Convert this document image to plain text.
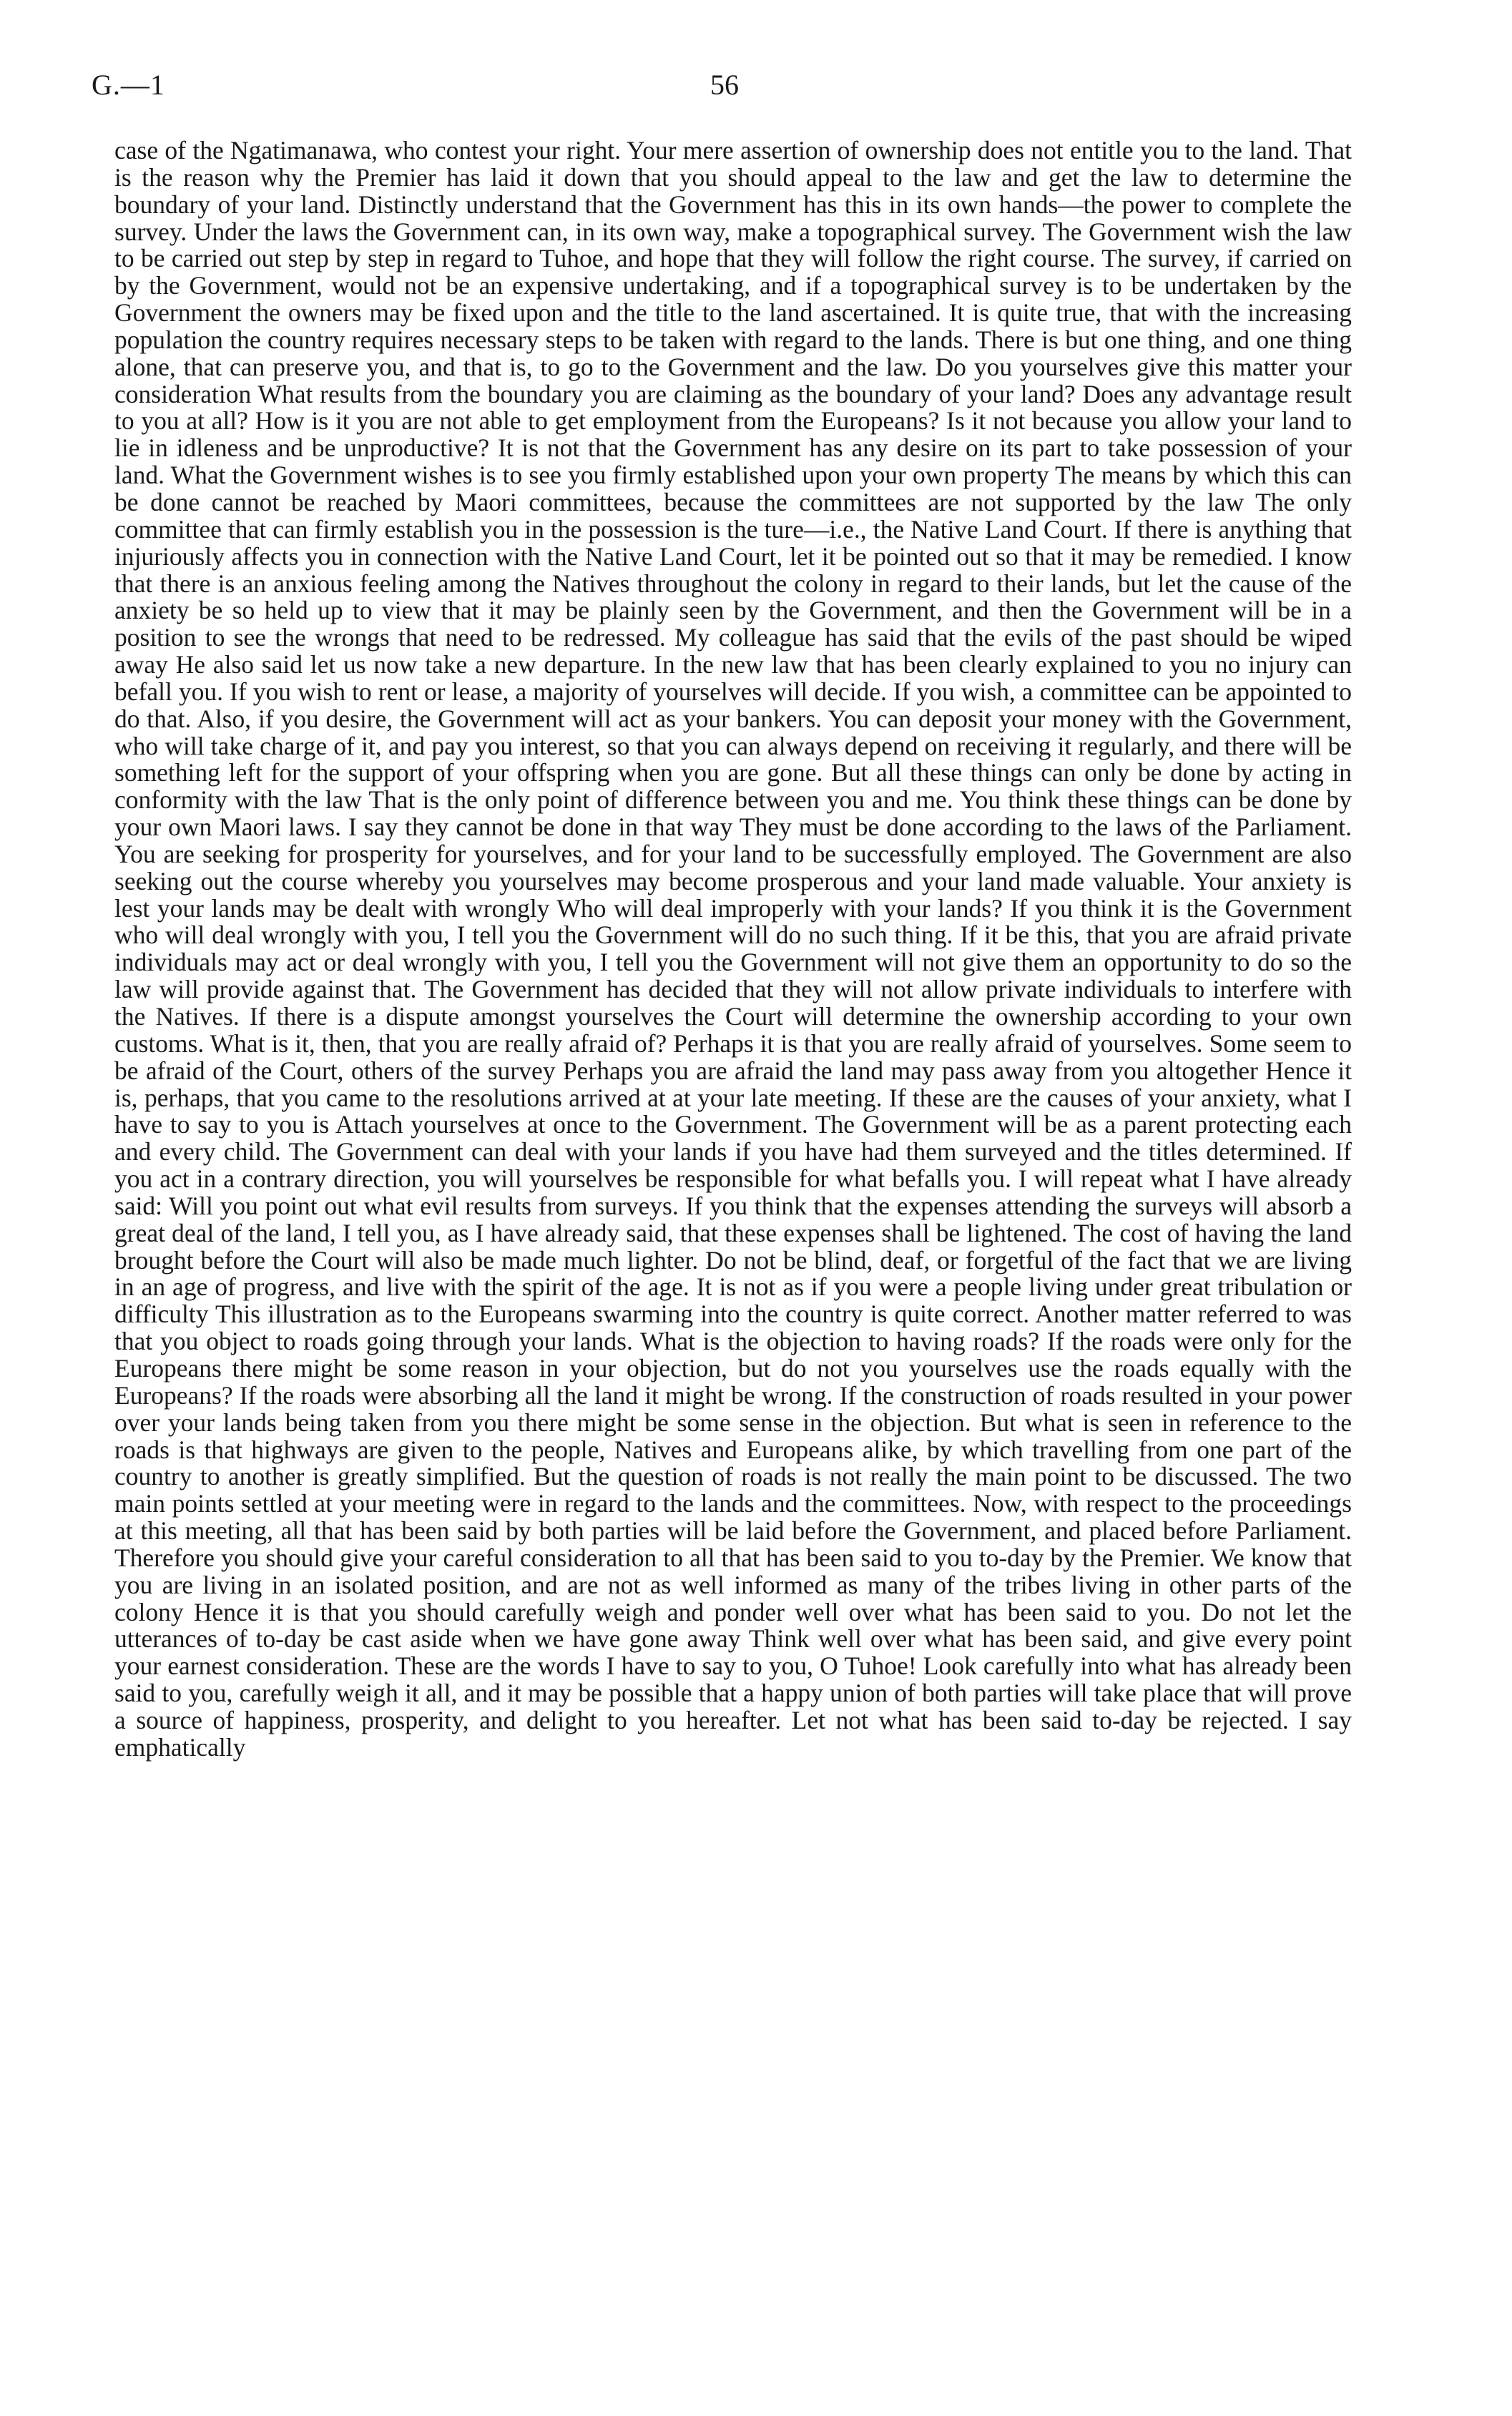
G.—1	56

case of the Ngatimanawa, who contest your right. Your mere assertion of ownership does not entitle you to the land. That is the reason why the Premier has laid it down that you should appeal to the law and get the law to determine the boundary of your land. Distinctly understand that the Government has this in its own hands—the power to complete the survey. Under the laws the Government can, in its own way, make a topographical survey. The Government wish the law to be carried out step by step in regard to Tuhoe, and hope that they will follow the right course. The survey, if carried on by the Government, would not be an expensive undertaking, and if a topographical survey is to be undertaken by the Government the owners may be fixed upon and the title to the land ascertained. It is quite true, that with the increasing population the country requires necessary steps to be taken with regard to the lands. There is but one thing, and one thing alone, that can preserve you, and that is, to go to the Government and the law. Do you yourselves give this matter your consideration What results from the boundary you are claiming as the boundary of your land? Does any advantage result to you at all? How is it you are not able to get employment from the Europeans? Is it not because you allow your land to lie in idleness and be unproductive? It is not that the Government has any desire on its part to take possession of your land. What the Government wishes is to see you firmly established upon your own property The means by which this can be done cannot be reached by Maori committees, because the committees are not supported by the law The only committee that can firmly establish you in the possession is the ture—i.e., the Native Land Court. If there is anything that injuriously affects you in connection with the Native Land Court, let it be pointed out so that it may be remedied. I know that there is an anxious feeling among the Natives throughout the colony in regard to their lands, but let the cause of the anxiety be so held up to view that it may be plainly seen by the Government, and then the Government will be in a position to see the wrongs that need to be redressed. My colleague has said that the evils of the past should be wiped away He also said let us now take a new departure. In the new law that has been clearly explained to you no injury can befall you. If you wish to rent or lease, a majority of yourselves will decide. If you wish, a committee can be appointed to do that. Also, if you desire, the Government will act as your bankers. You can deposit your money with the Government, who will take charge of it, and pay you interest, so that you can always depend on receiving it regularly, and there will be something left for the support of your offspring when you are gone. But all these things can only be done by acting in conformity with the law That is the only point of difference between you and me. You think these things can be done by your own Maori laws. I say they cannot be done in that way They must be done according to the laws of the Parliament. You are seeking for prosperity for yourselves, and for your land to be successfully employed. The Government are also seeking out the course whereby you yourselves may become prosperous and your land made valuable. Your anxiety is lest your lands may be dealt with wrongly Who will deal improperly with your lands? If you think it is the Government who will deal wrongly with you, I tell you the Government will do no such thing. If it be this, that you are afraid private individuals may act or deal wrongly with you, I tell you the Government will not give them an opportunity to do so the law will provide against that. The Government has decided that they will not allow private individuals to interfere with the Natives. If there is a dispute amongst yourselves the Court will determine the ownership according to your own customs. What is it, then, that you are really afraid of? Perhaps it is that you are really afraid of yourselves. Some seem to be afraid of the Court, others of the survey Perhaps you are afraid the land may pass away from you altogether Hence it is, perhaps, that you came to the resolutions arrived at at your late meeting. If these are the causes of your anxiety, what I have to say to you is Attach yourselves at once to the Government. The Government will be as a parent protecting each and every child. The Government can deal with your lands if you have had them surveyed and the titles determined. If you act in a contrary direction, you will yourselves be responsible for what befalls you. I will repeat what I have already said: Will you point out what evil results from surveys. If you think that the expenses attending the surveys will absorb a great deal of the land, I tell you, as I have already said, that these expenses shall be lightened. The cost of having the land brought before the Court will also be made much lighter. Do not be blind, deaf, or forgetful of the fact that we are living in an age of progress, and live with the spirit of the age. It is not as if you were a people living under great tribulation or difficulty This illustration as to the Europeans swarming into the country is quite correct. Another matter referred to was that you object to roads going through your lands. What is the objection to having roads? If the roads were only for the Europeans there might be some reason in your objection, but do not you yourselves use the roads equally with the Europeans? If the roads were absorbing all the land it might be wrong. If the construction of roads resulted in your power over your lands being taken from you there might be some sense in the objection. But what is seen in reference to the roads is that highways are given to the people, Natives and Europeans alike, by which travelling from one part of the country to another is greatly simplified. But the question of roads is not really the main point to be discussed. The two main points settled at your meeting were in regard to the lands and the committees. Now, with respect to the proceedings at this meeting, all that has been said by both parties will be laid before the Government, and placed before Parliament. Therefore you should give your careful consideration to all that has been said to you to-day by the Premier. We know that you are living in an isolated position, and are not as well informed as many of the tribes living in other parts of the colony Hence it is that you should carefully weigh and ponder well over what has been said to you. Do not let the utterances of to-day be cast aside when we have gone away Think well over what has been said, and give every point your earnest consideration. These are the words I have to say to you, O Tuhoe! Look carefully into what has already been said to you, carefully weigh it all, and it may be possible that a happy union of both parties will take place that will prove a source of happiness, prosperity, and delight to you hereafter. Let not what has been said to-day be rejected. I say emphatically
